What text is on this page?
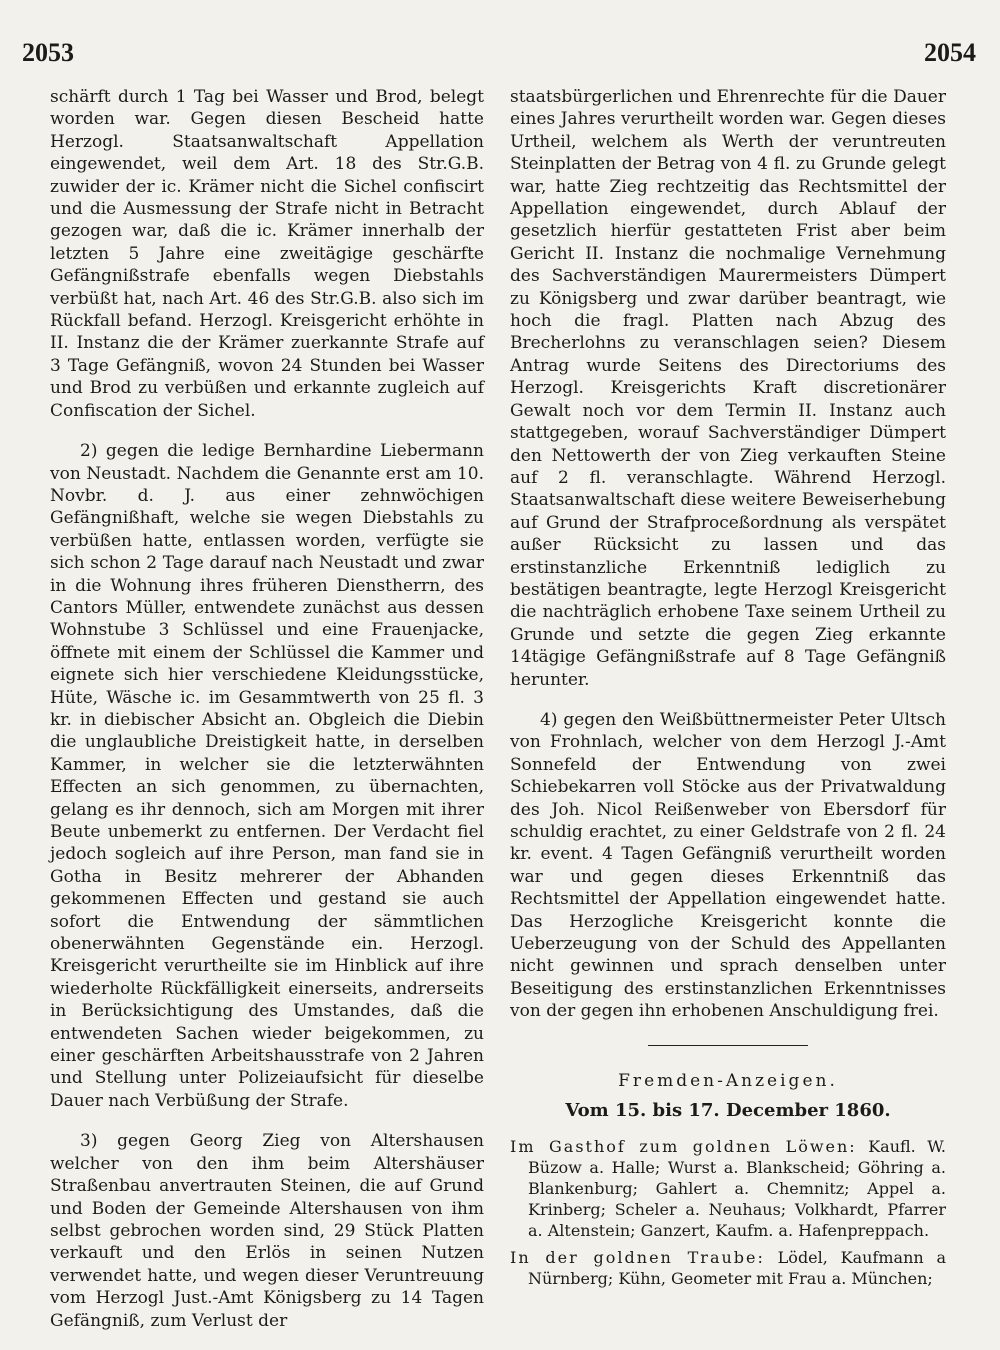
2053	2054

schärft durch 1 Tag bei Wasser und Brod, belegt worden war. Gegen diesen Bescheid hatte Herzogl. Staatsanwaltschaft Appellation eingewendet, weil dem Art. 18 des Str.G.B. zuwider der ic. Krämer nicht die Sichel confiscirt und die Ausmessung der Strafe nicht in Betracht gezogen war, daß die ic. Krämer innerhalb der letzten 5 Jahre eine zweitägige geschärfte Gefängnißstrafe ebenfalls wegen Diebstahls verbüßt hat, nach Art. 46 des Str.G.B. also sich im Rückfall befand. Herzogl. Kreisgericht erhöhte in II. Instanz die der Krämer zuerkannte Strafe auf 3 Tage Gefängniß, wovon 24 Stunden bei Wasser und Brod zu verbüßen und erkannte zugleich auf Confiscation der Sichel.

2) gegen die ledige Bernhardine Liebermann von Neustadt. Nachdem die Genannte erst am 10. Novbr. d. J. aus einer zehnwöchigen Gefängnißhaft, welche sie wegen Diebstahls zu verbüßen hatte, entlassen worden, verfügte sie sich schon 2 Tage darauf nach Neustadt und zwar in die Wohnung ihres früheren Dienstherrn, des Cantors Müller, entwendete zunächst aus dessen Wohnstube 3 Schlüssel und eine Frauenjacke, öffnete mit einem der Schlüssel die Kammer und eignete sich hier verschiedene Kleidungsstücke, Hüte, Wäsche ic. im Gesammtwerth von 25 fl. 3 kr. in diebischer Absicht an. Obgleich die Diebin die unglaubliche Dreistigkeit hatte, in derselben Kammer, in welcher sie die letzterwähnten Effecten an sich genommen, zu übernachten, gelang es ihr dennoch, sich am Morgen mit ihrer Beute unbemerkt zu entfernen. Der Verdacht fiel jedoch sogleich auf ihre Person, man fand sie in Gotha in Besitz mehrerer der Abhanden gekommenen Effecten und gestand sie auch sofort die Entwendung der sämmtlichen obenerwähnten Gegenstände ein. Herzogl. Kreisgericht verurtheilte sie im Hinblick auf ihre wiederholte Rückfälligkeit einerseits, andrerseits in Berücksichtigung des Umstandes, daß die entwendeten Sachen wieder beigekommen, zu einer geschärften Arbeitshausstrafe von 2 Jahren und Stellung unter Polizeiaufsicht für dieselbe Dauer nach Verbüßung der Strafe.

3) gegen Georg Zieg von Altershausen welcher von den ihm beim Altershäuser Straßenbau anvertrauten Steinen, die auf Grund und Boden der Gemeinde Altershausen von ihm selbst gebrochen worden sind, 29 Stück Platten verkauft und den Erlös in seinen Nutzen verwendet hatte, und wegen dieser Veruntreuung vom Herzogl Just.-Amt Königsberg zu 14 Tagen Gefängniß, zum Verlust der

staatsbürgerlichen und Ehrenrechte für die Dauer eines Jahres verurtheilt worden war. Gegen dieses Urtheil, welchem als Werth der veruntreuten Steinplatten der Betrag von 4 fl. zu Grunde gelegt war, hatte Zieg rechtzeitig das Rechtsmittel der Appellation eingewendet, durch Ablauf der gesetzlich hierfür gestatteten Frist aber beim Gericht II. Instanz die nochmalige Vernehmung des Sachverständigen Maurermeisters Dümpert zu Königsberg und zwar darüber beantragt, wie hoch die fragl. Platten nach Abzug des Brecherlohns zu veranschlagen seien? Diesem Antrag wurde Seitens des Directoriums des Herzogl. Kreisgerichts Kraft discretionärer Gewalt noch vor dem Termin II. Instanz auch stattgegeben, worauf Sachverständiger Dümpert den Nettowerth der von Zieg verkauften Steine auf 2 fl. veranschlagte. Während Herzogl. Staatsanwaltschaft diese weitere Beweiserhebung auf Grund der Strafproceßordnung als verspätet außer Rücksicht zu lassen und das erstinstanzliche Erkenntniß lediglich zu bestätigen beantragte, legte Herzogl Kreisgericht die nachträglich erhobene Taxe seinem Urtheil zu Grunde und setzte die gegen Zieg erkannte 14tägige Gefängnißstrafe auf 8 Tage Gefängniß herunter.

4) gegen den Weißbüttnermeister Peter Ultsch von Frohnlach, welcher von dem Herzogl J.-Amt Sonnefeld der Entwendung von zwei Schiebekarren voll Stöcke aus der Privatwaldung des Joh. Nicol Reißenweber von Ebersdorf für schuldig erachtet, zu einer Geldstrafe von 2 fl. 24 kr. event. 4 Tagen Gefängniß verurtheilt worden war und gegen dieses Erkenntniß das Rechtsmittel der Appellation eingewendet hatte. Das Herzogliche Kreisgericht konnte die Ueberzeugung von der Schuld des Appellanten nicht gewinnen und sprach denselben unter Beseitigung des erstinstanzlichen Erkenntnisses von der gegen ihn erhobenen Anschuldigung frei.

Fremden-Anzeigen.
Vom 15. bis 17. December 1860.
Im Gasthof zum goldnen Löwen: Kaufl. W. Büzow a. Halle; Wurst a. Blankscheid; Göhring a. Blankenburg; Gahlert a. Chemnitz; Appel a. Krinberg; Scheler a. Neuhaus; Volkhardt, Pfarrer a. Altenstein; Ganzert, Kaufm. a. Hafenpreppach.
In der goldnen Traube: Lödel, Kaufmann a Nürnberg; Kühn, Geometer mit Frau a. München;
